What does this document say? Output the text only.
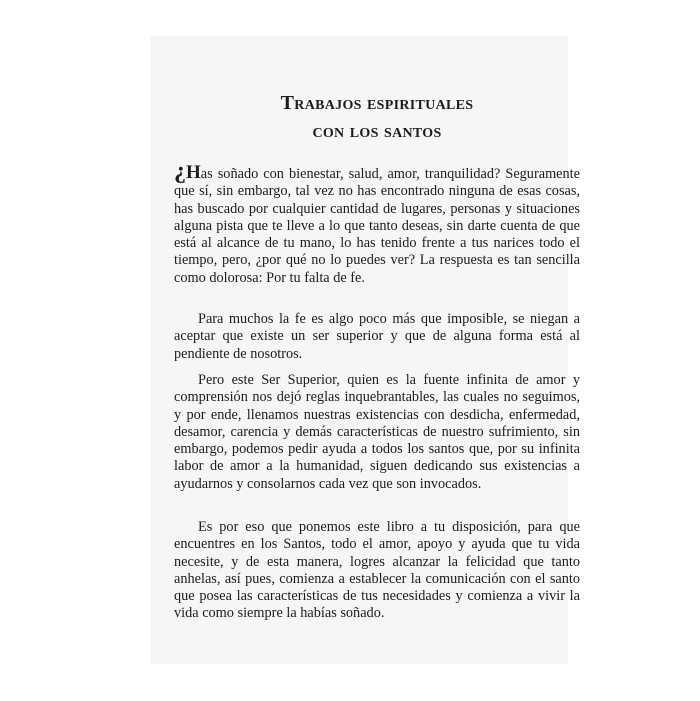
Trabajos espirituales
con los santos

¿Has soñado con bienestar, salud, amor, tranquilidad? Seguramente que sí, sin embargo, tal vez no has encontrado ninguna de esas cosas, has buscado por cualquier cantidad de lugares, personas y situaciones alguna pista que te lleve a lo que tanto deseas, sin darte cuenta de que está al alcance de tu mano, lo has tenido frente a tus narices todo el tiempo, pero, ¿por qué no lo puedes ver? La respuesta es tan sencilla como dolorosa: Por tu falta de fe.

Para muchos la fe es algo poco más que imposible, se niegan a aceptar que existe un ser superior y que de alguna forma está al pendiente de nosotros.

Pero este Ser Superior, quien es la fuente infinita de amor y comprensión nos dejó reglas inquebrantables, las cuales no seguimos, y por ende, llenamos nuestras existencias con desdicha, enfermedad, desamor, carencia y demás características de nuestro sufrimiento, sin embargo, podemos pedir ayuda a todos los santos que, por su infinita labor de amor a la humanidad, siguen dedicando sus existencias a ayudarnos y consolarnos cada vez que son invocados.

Es por eso que ponemos este libro a tu disposición, para que encuentres en los Santos, todo el amor, apoyo y ayuda que tu vida necesite, y de esta manera, logres alcanzar la felicidad que tanto anhelas, así pues, comienza a establecer la comunicación con el santo que posea las características de tus necesidades y comienza a vivir la vida como siempre la habías soñado.
